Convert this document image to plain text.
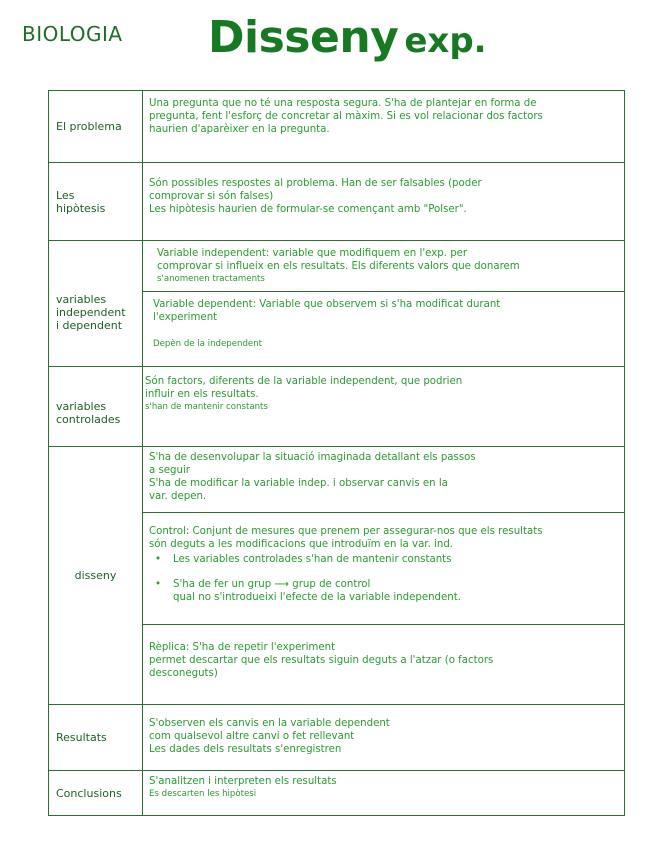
BIOLOGIA Disseny exp.
El problema

Una pregunta que no té una resposta segura. S'ha de plantejar en forma de

pregunta, fent l'esforç de concretar al màxim. Si es vol relacionar dos factors

haurien d'aparèixer en la pregunta.

Les
hipòtesis

Són possibles respostes al problema. Han de ser falsables (poder

comprovar si són falses)

Les hipòtesis haurien de formular-se començant amb "Polser".

variables
independent
i dependent

Variable independent: variable que modifiquem en l'exp. per

comprovar si influeix en els resultats. Els diferents valors que donarem

s'anomenen tractaments

Variable dependent: Variable que observem si s'ha modificat durant

l'experiment

Depèn de la independent

variables
controlades

Són factors, diferents de la variable independent, que podrien

influir en els resultats.

s'han de mantenir constants

disseny

S'ha de desenvolupar la situació imaginada detallant els passos

a seguir

S'ha de modificar la variable indep. i observar canvis en la

var. depen.

Control: Conjunt de mesures que prenem per assegurar-nos que els resultats

són deguts a les modificacions que introduïm en la var. ind.

•	Les variables controlades s'han de mantenir constants
•	S'ha de fer un grup ⟶ grup de control

qual no s'introdueixi l'efecte de la variable independent.

Rèplica: S'ha de repetir l'experiment

permet descartar que els resultats siguin deguts a l'atzar (o factors

desconeguts)

Resultats

S'observen els canvis en la variable dependent

com qualsevol altre canvi o fet rellevant

Les dades dels resultats s'enregistren

Conclusions

S'analitzen i interpreten els resultats

Es descarten les hipòtesi
